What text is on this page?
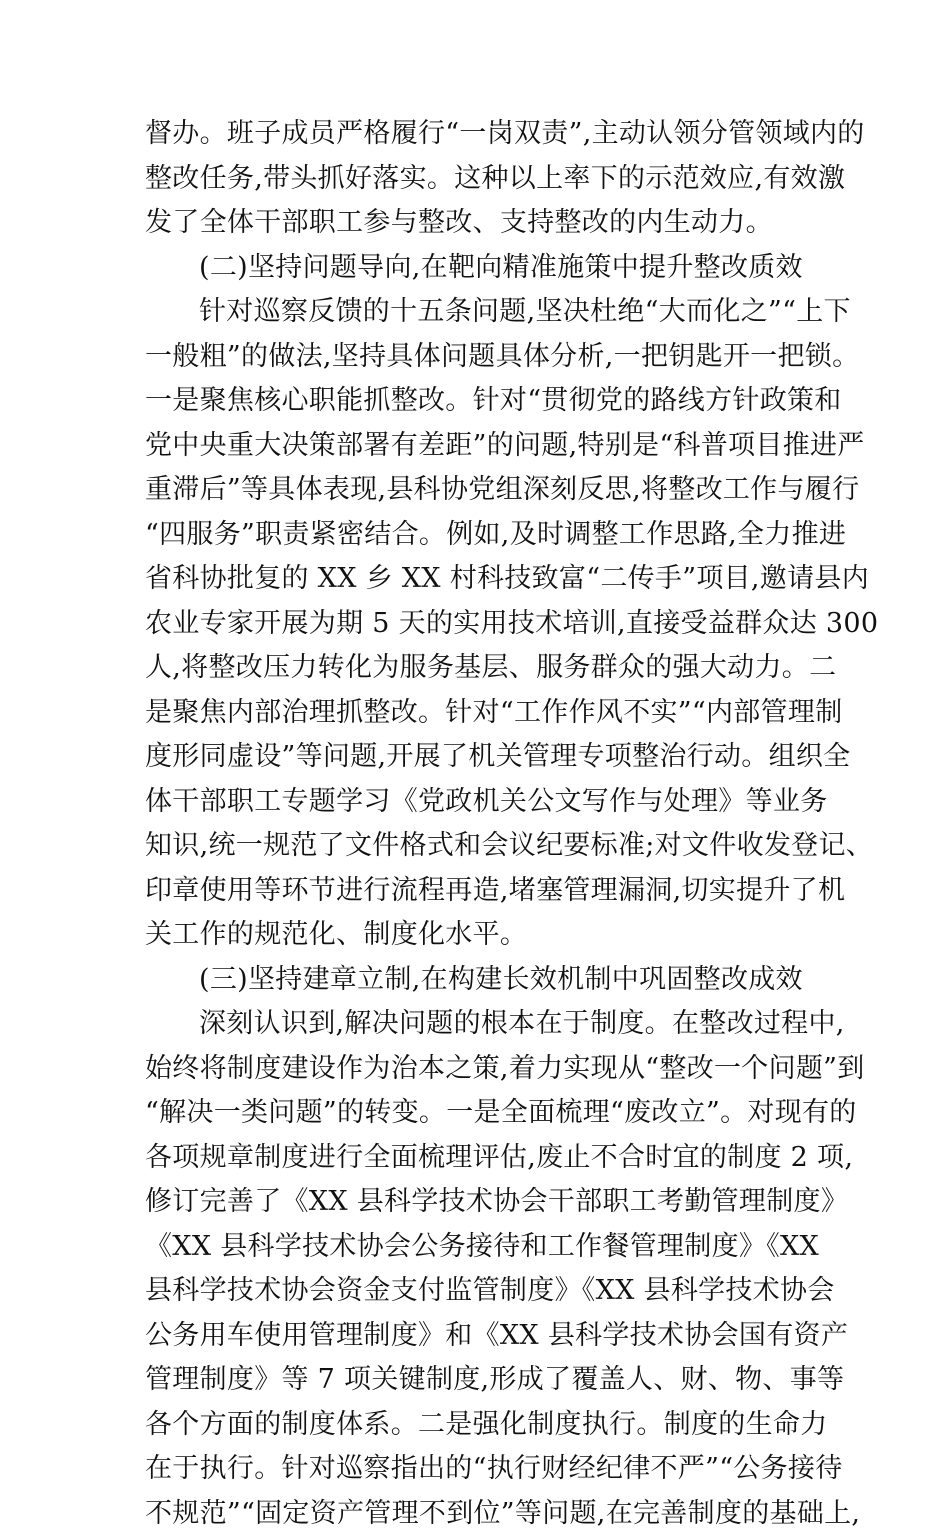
督办。班子成员严格履行“一岗双责”,主动认领分管领域内的
整改任务,带头抓好落实。这种以上率下的示范效应,有效激
发了全体干部职工参与整改、支持整改的内生动力。
(二)坚持问题导向,在靶向精准施策中提升整改质效
针对巡察反馈的十五条问题,坚决杜绝“大而化之”“上下
一般粗”的做法,坚持具体问题具体分析,一把钥匙开一把锁。
一是聚焦核心职能抓整改。针对“贯彻党的路线方针政策和
党中央重大决策部署有差距”的问题,特别是“科普项目推进严
重滞后”等具体表现,县科协党组深刻反思,将整改工作与履行
“四服务”职责紧密结合。例如,及时调整工作思路,全力推进
省科协批复的 XX 乡 XX 村科技致富“二传手”项目,邀请县内
农业专家开展为期 5 天的实用技术培训,直接受益群众达 300
人,将整改压力转化为服务基层、服务群众的强大动力。二
是聚焦内部治理抓整改。针对“工作作风不实”“内部管理制
度形同虚设”等问题,开展了机关管理专项整治行动。组织全
体干部职工专题学习《党政机关公文写作与处理》等业务
知识,统一规范了文件格式和会议纪要标准;对文件收发登记、
印章使用等环节进行流程再造,堵塞管理漏洞,切实提升了机
关工作的规范化、制度化水平。
(三)坚持建章立制,在构建长效机制中巩固整改成效
深刻认识到,解决问题的根本在于制度。在整改过程中,
始终将制度建设作为治本之策,着力实现从“整改一个问题”到
“解决一类问题”的转变。一是全面梳理“废改立”。对现有的
各项规章制度进行全面梳理评估,废止不合时宜的制度 2 项,
修订完善了《XX 县科学技术协会干部职工考勤管理制度》
《XX 县科学技术协会公务接待和工作餐管理制度》《XX
县科学技术协会资金支付监管制度》《XX 县科学技术协会
公务用车使用管理制度》和《XX 县科学技术协会国有资产
管理制度》等 7 项关键制度,形成了覆盖人、财、物、事等
各个方面的制度体系。二是强化制度执行。制度的生命力
在于执行。针对巡察指出的“执行财经纪律不严”“公务接待
不规范”“固定资产管理不到位”等问题,在完善制度的基础上,
